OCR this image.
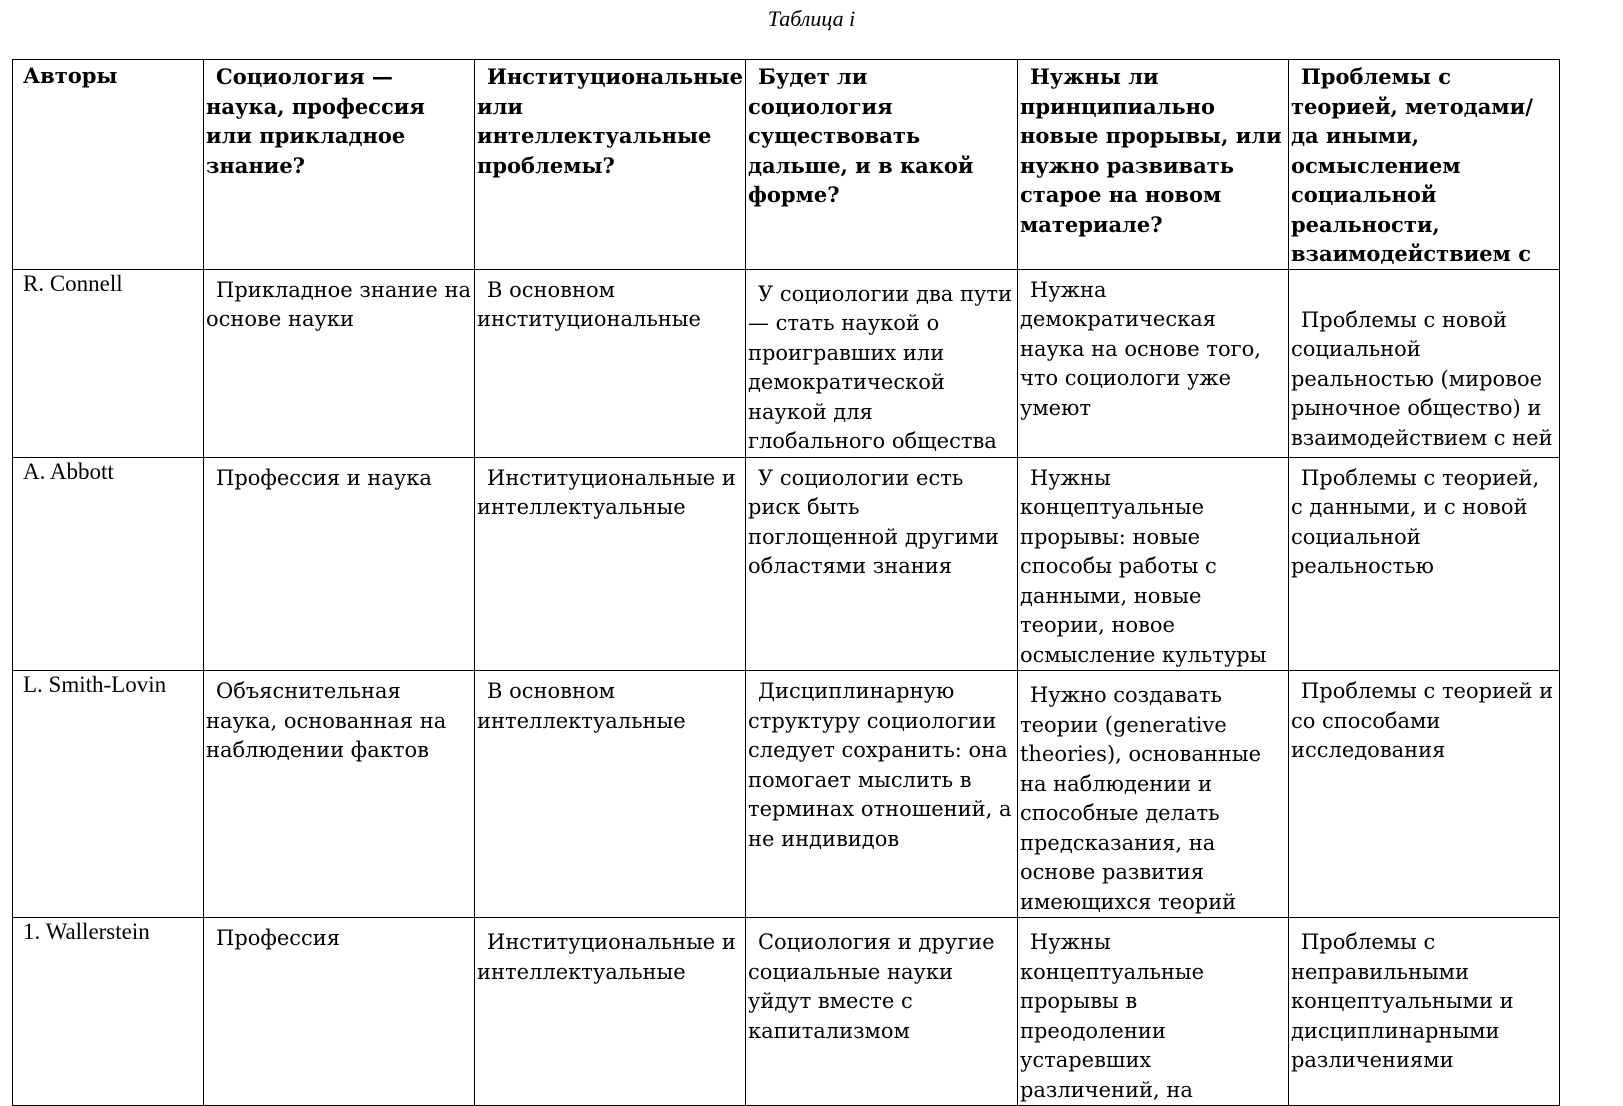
Таблица i
Авторы	Социология — наука, профессия или прикладное знание?	Институциональные или интеллектуальные проблемы?	Будет ли социология существовать дальше, и в какой форме?	Нужны ли принципиально новые прорывы, или нужно развивать старое на новом материале?	Проблемы с теорией, методами/да иными, осмыслением социальной реальности, взаимодействием с
R. Connell	Прикладное знание на основе науки	В основном институциональные	У социологии два пути — стать наукой о проигравших или демократической наукой для глобального общества	Нужна демократическая наука на основе того, что социологи уже умеют	Проблемы с новой социальной реальностью (мировое рыночное общество) и взаимодействием с ней
A. Abbott	Профессия и наука	Институциональные и интеллектуальные	У социологии есть риск быть поглощенной другими областями знания	Нужны концептуальные прорывы: новые способы работы с данными, новые теории, новое осмысление культуры	Проблемы с теорией, с данными, и с новой социальной реальностью
L. Smith-Lovin	Объяснительная наука, основанная на наблюдении фактов	В основном интеллектуальные	Дисциплинарную структуру социологии следует сохранить: она помогает мыслить в терминах отношений, а не индивидов	Нужно создавать теории (generative theories), основанные на наблюдении и способные делать предсказания, на основе развития имеющихся теорий	Проблемы с теорией и со способами исследования
1. Wallerstein	Профессия	Институциональные и интеллектуальные	Социология и другие социальные науки уйдут вместе с капитализмом	Нужны концептуальные прорывы в преодолении устаревших различений, на	Проблемы с неправильными концептуальными и дисциплинарными различениями
